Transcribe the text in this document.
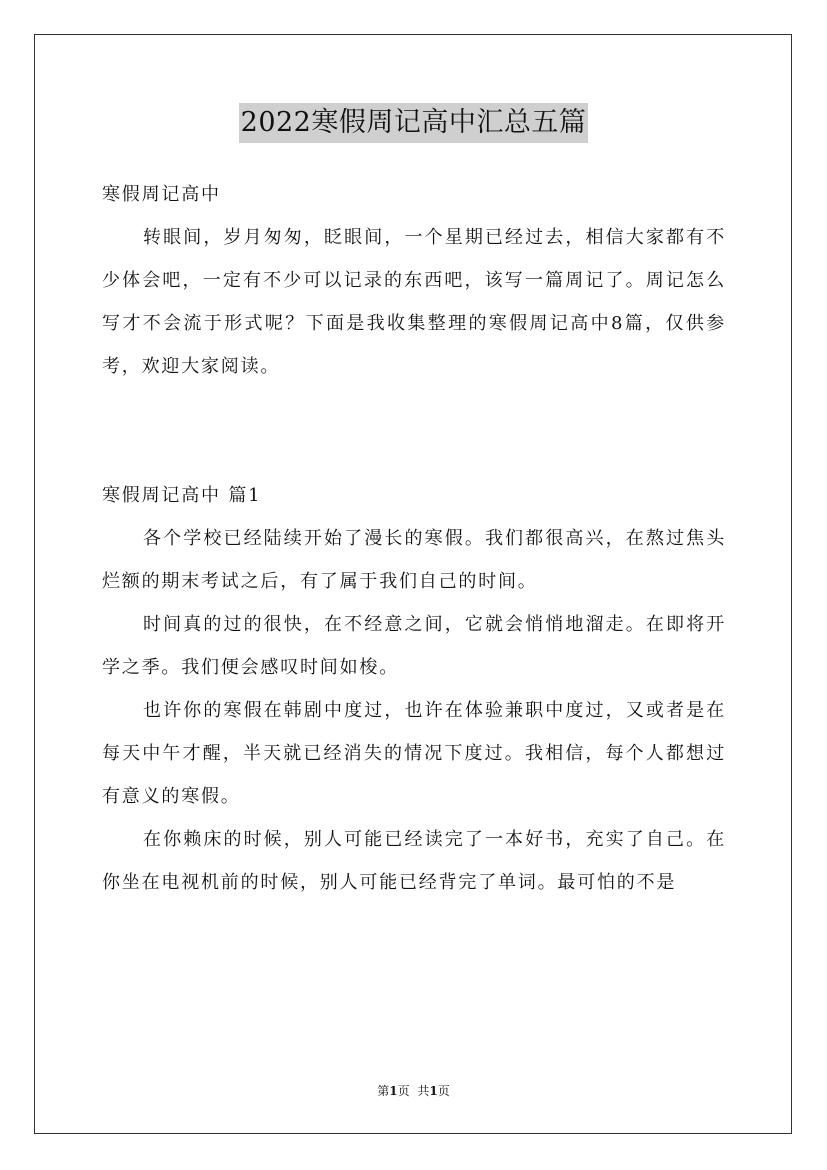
2022寒假周记高中汇总五篇

寒假周记高中

转眼间，岁月匆匆，眨眼间，一个星期已经过去，相信大家都有不少体会吧，一定有不少可以记录的东西吧，该写一篇周记了。周记怎么写才不会流于形式呢？下面是我收集整理的寒假周记高中8篇，仅供参考，欢迎大家阅读。

寒假周记高中 篇1

各个学校已经陆续开始了漫长的寒假。我们都很高兴，在熬过焦头烂额的期末考试之后，有了属于我们自己的时间。

时间真的过的很快，在不经意之间，它就会悄悄地溜走。在即将开学之季。我们便会感叹时间如梭。

也许你的寒假在韩剧中度过，也许在体验兼职中度过，又或者是在每天中午才醒，半天就已经消失的情况下度过。我相信，每个人都想过有意义的寒假。

在你赖床的时候，别人可能已经读完了一本好书，充实了自己。在你坐在电视机前的时候，别人可能已经背完了单词。最可怕的不是

第1页 共1页
